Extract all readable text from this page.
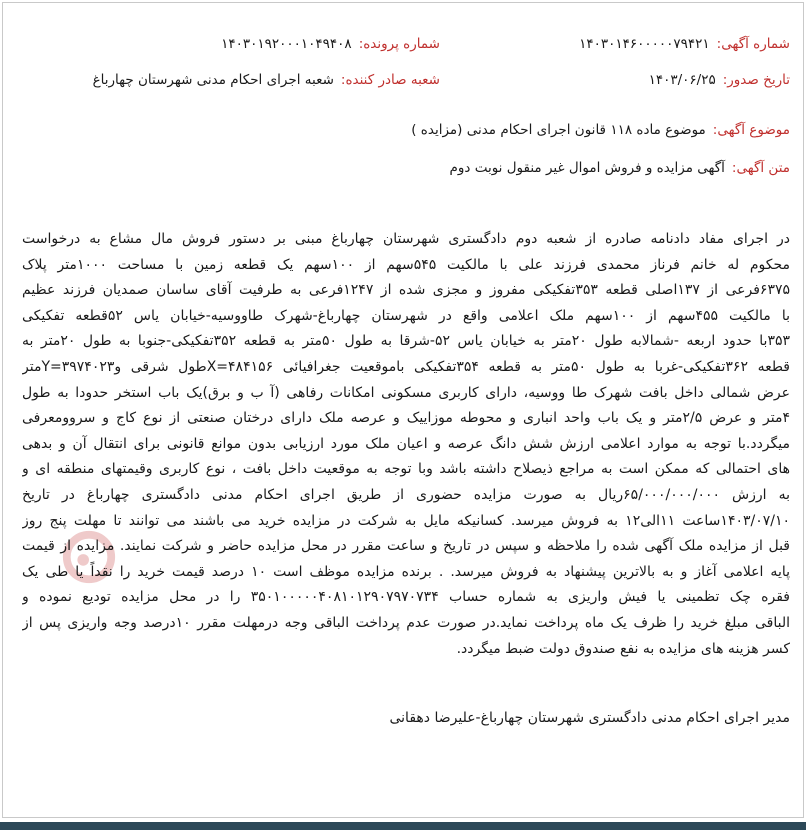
شماره آگهی:۱۴۰۳۰۱۴۶۰۰۰۰۰۷۹۴۲۱
شماره پرونده:۱۴۰۳۰۱۹۲۰۰۰۱۰۴۹۴۰۸
تاریخ صدور:۱۴۰۳/۰۶/۲۵
شعبه صادر کننده:شعبه اجرای احکام مدنی شهرستان چهارباغ
موضوع آگهی:موضوع ماده ۱۱۸ قانون اجرای احکام مدنی (مزایده )
متن آگهی:آگهی مزایده و فروش اموال غیر منقول نوبت دوم
در اجرای مفاد دادنامه صادره از شعبه دوم دادگستری شهرستان چهارباغ مبنی بر دستور فروش مال مشاع به درخواست
محکوم له خانم فرناز محمدی فرزند علی با مالکیت ۵۴۵سهم از ۱۰۰سهم یک قطعه زمین با مساحت ۱۰۰۰متر پلاک
۶۳۷۵فرعی از ۱۳۷اصلی قطعه ۳۵۳تفکیکی مفروز و مجزی شده از ۱۲۴۷فرعی به طرفیت آقای ساسان صمدیان فرزند عظیم
با مالکیت ۴۵۵سهم از ۱۰۰سهم ملک اعلامی واقع در شهرستان چهارباغ-شهرک طاووسیه-خیابان یاس ۵۲قطعه تفکیکی
۳۵۳با حدود اربعه -شمالابه طول ۲۰متر به خیابان یاس ۵۲-شرقا به طول ۵۰متر به قطعه ۳۵۲تفکیکی-جنوبا به طول ۲۰متر به
قطعه ۳۶۲تفکیکی-غربا به طول ۵۰متر به قطعه ۳۵۴تفکیکی باموقعیت جغرافیائی X=۴۸۴۱۵۶طول شرقی وY=۳۹۷۴۰۲۳متر
عرض شمالی داخل بافت شهرک طا ووسیه، دارای کاربری مسکونی امکانات رفاهی (آ ب و برق)یک باب استخر حدودا به طول
۴متر و عرض ۲/۵متر و یک باب واحد انباری و محوطه موزاییک و عرصه ملک دارای درختان صنعتی از نوع کاج و سروومعرفی
میگردد.با توجه به موارد اعلامی ارزش شش دانگ عرصه و اعیان ملک مورد ارزیابی بدون موانع قانونی برای انتقال آن و بدهی
های احتمالی که ممکن است به مراجع ذیصلاح داشته باشد وبا توجه به موقعیت داخل بافت ، نوع کاربری وقیمتهای منطقه ای و
به ارزش ۶۵/۰۰۰/۰۰۰/۰۰۰ریال به صورت مزایده حضوری از طریق اجرای احکام مدنی دادگستری چهارباغ در تاریخ
۱۴۰۳/۰۷/۱۰ساعت ۱۱الی۱۲ به فروش میرسد. کسانیکه مایل به شرکت در مزایده خرید می باشند می توانند تا مهلت پنج روز
قبل از مزایده ملک آگهی شده را ملاحظه و سپس در تاریخ و ساعت مقرر در محل مزایده حاضر و شرکت نمایند. مزایده از قیمت
پایه اعلامی آغاز و به بالاترین پیشنهاد به فروش میرسد. . برنده مزایده موظف است ۱۰ درصد قیمت خرید را نقداً یا طی یک
فقره چک تظمینی یا فیش واریزی به شماره حساب ۳۵۰۱۰۰۰۰۰۴۰۸۱۰۱۲۹۰۷۹۷۰۷۳۴ را در محل مزایده تودیع نموده و
الباقی مبلغ خرید را ظرف یک ماه پرداخت نماید.در صورت عدم پرداخت الباقی وجه درمهلت مقرر ۱۰درصد وجه واریزی پس از
کسر هزینه های مزایده به نفع صندوق دولت ضبط میگردد.
مدیر اجرای احکام مدنی دادگستری شهرستان چهارباغ-علیرضا دهقانی
